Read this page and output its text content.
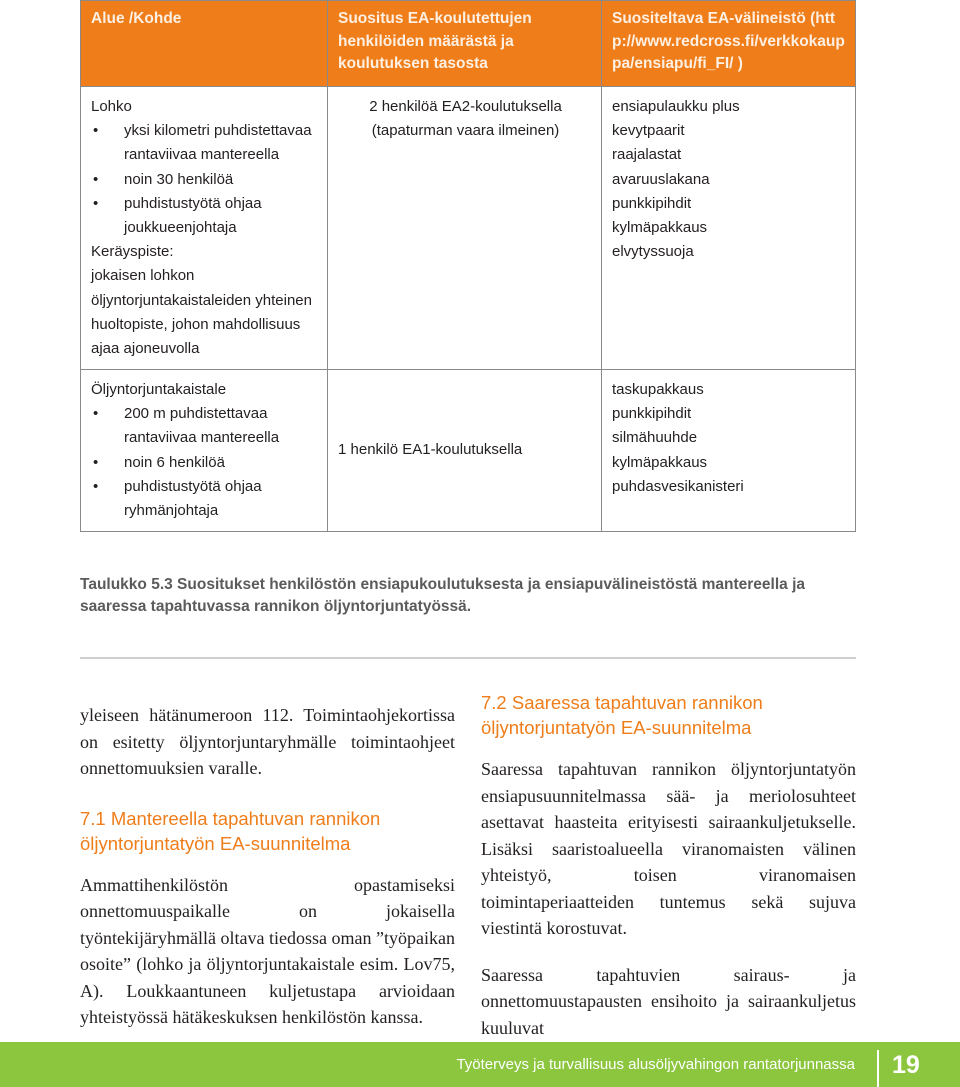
Alue /Kohde	Suositus EA-koulutettujen henkilöiden määrästä ja koulutuksen tasosta
Suositeltava EA-välineistö (http://www.redcross.fi/verkkokauppa/ensiapu/fi_FI/ )
Lohko
• yksi kilometri puhdistettavaa rantaviivaa mantereella
• noin 30 henkilöä
• puhdistustyötä ohjaa joukkueenjohtaja
Keräyspiste:
jokaisen lohkon öljyntorjuntakaistaleiden yhteinen huoltopiste, johon mahdollisuus ajaa ajoneuvolla
2 henkilöä EA2-koulutuksella (tapaturman vaara ilmeinen)
ensiapulaukku plus
kevytpaarit
raajalastat
avaruuslakana
punkkipihdit
kylmäpakkaus
elvytyssuoja
Öljyntorjuntakaistale
• 200 m puhdistettavaa rantaviivaa mantereella
• noin 6 henkilöä
• puhdistustyötä ohjaa ryhmänjohtaja
1 henkilö EA1-koulutuksella
taskupakkaus
punkkipihdit
silmähuuhde
kylmäpakkaus
puhdasvesikanisteri
Taulukko 5.3 Suositukset henkilöstön ensiapukoulutuksesta ja ensiapuvälineistöstä mantereella ja saaressa tapahtuvassa rannikon öljyntorjuntatyössä.

yleiseen hätänumeroon 112. Toimintaohjekortissa on esitetty öljyntorjuntaryhmälle toimintaohjeet onnettomuuksien varalle.

7.1 Mantereella tapahtuvan rannikon öljyntorjuntatyön EA-suunnitelma

Ammattihenkilöstön opastamiseksi onnettomuuspaikalle on jokaisella työntekijäryhmällä oltava tiedossa oman ”työpaikan osoite” (lohko ja öljyntorjuntakaistale esim. Lov75, A). Loukkaantuneen kuljetustapa arvioidaan yhteistyössä hätäkeskuksen henkilöstön kanssa.

7.2 Saaressa tapahtuvan rannikon öljyntorjuntatyön EA-suunnitelma

Saaressa tapahtuvan rannikon öljyntorjuntatyön ensiapusuunnitelmassa sää- ja meriolosuhteet asettavat haasteita erityisesti sairaankuljetukselle. Lisäksi saaristoalueella viranomaisten välinen yhteistyö, toisen viranomaisen toimintaperiaatteiden tuntemus sekä sujuva viestintä korostuvat.

Saaressa tapahtuvien sairaus- ja onnettomuustapausten ensihoito ja sairaankuljetus kuuluvat

Työterveys ja turvallisuus alusöljyvahingon rantatorjunnassa 19
